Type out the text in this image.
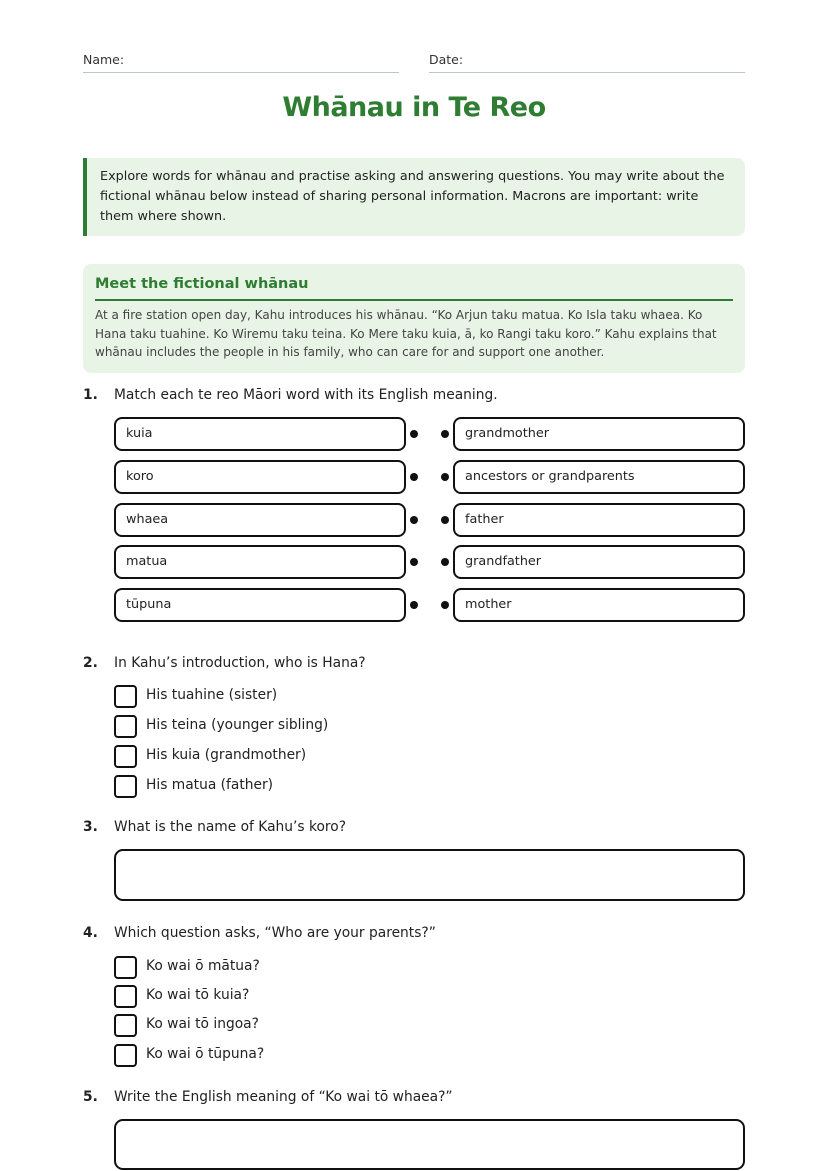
Name:	Date:
Whānau in Te Reo

Explore words for whānau and practise asking and answering questions. You may write about the fictional whānau below instead of sharing personal information. Macrons are important: write them where shown.

Meet the fictional whānau

At a fire station open day, Kahu introduces his whānau. “Ko Arjun taku matua. Ko Isla taku whaea. Ko Hana taku tuahine. Ko Wiremu taku teina. Ko Mere taku kuia, ā, ko Rangi taku koro.” Kahu explains that whānau includes the people in his family, who can care for and support one another.

1. Match each te reo Māori word with its English meaning.
kuia
koro
whaea
matua
tūpuna
grandmother
ancestors or grandparents
father
grandfather
mother
2. In Kahu’s introduction, who is Hana?
His tuahine (sister)
His teina (younger sibling)
His kuia (grandmother)
His matua (father)
3. What is the name of Kahu’s koro?
4. Which question asks, “Who are your parents?”
Ko wai ō mātua?
Ko wai tō kuia?
Ko wai tō ingoa?
Ko wai ō tūpuna?
5. Write the English meaning of “Ko wai tō whaea?”
